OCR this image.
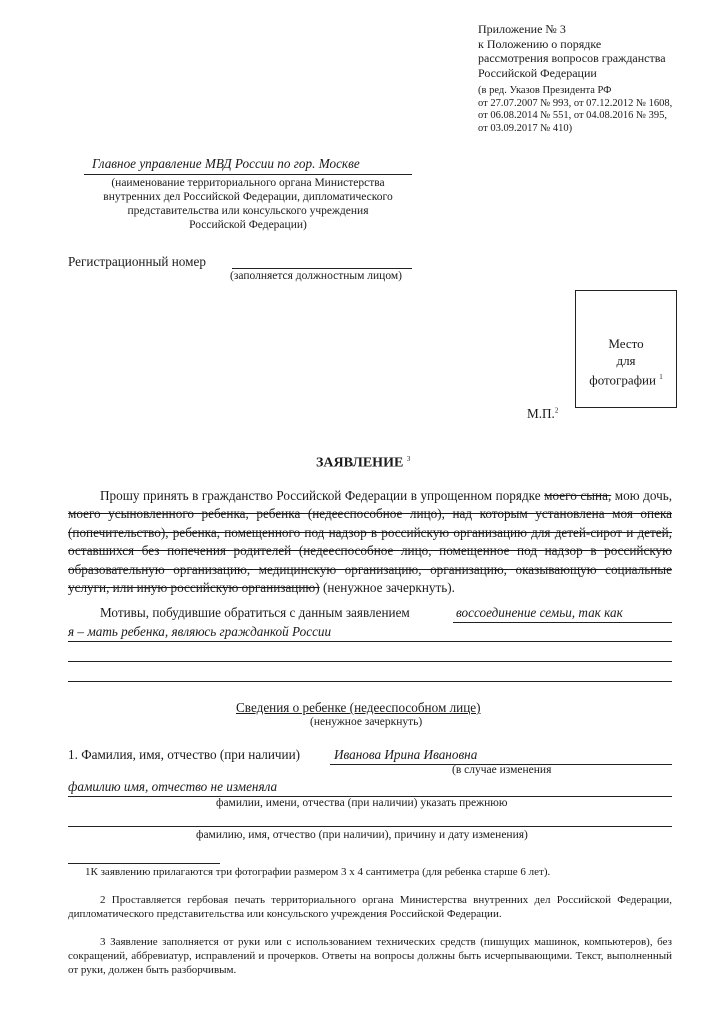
Приложение № 3
к Положению о порядке
рассмотрения вопросов гражданства
Российской Федерации
(в ред. Указов Президента РФ
от 27.07.2007 № 993, от 07.12.2012 № 1608,
от 06.08.2014 № 551, от 04.08.2016 № 395,
от 03.09.2017 № 410)
Главное управление МВД России по гор. Москве
(наименование территориального органа Министерства
внутренних дел Российской Федерации, дипломатического
представительства или консульского учреждения
Российской Федерации)
Регистрационный номер
(заполняется должностным лицом)
Место
для
фотографии $^1$
М.П.$^2$
ЗАЯВЛЕНИЕ $^3$
Прошу принять в гражданство Российской Федерации в упрощенном порядке моего сына, мою дочь, моего усыновленного ребенка, ребенка (недееспособное лицо), над которым установлена моя опека (попечительство), ребенка, помещенного под надзор в российскую организацию для детей-сирот и детей, оставшихся без попечения родителей (недееспособное лицо, помещенное под надзор в российскую образовательную организацию, медицинскую организацию, организацию, оказывающую социальные услуги, или иную российскую организацию) (ненужное зачеркнуть).
Мотивы, побудившие обратиться с данным заявлением	воссоединение семьи, так как
я – мать ребенка, являюсь гражданкой России
Сведения о ребенке (недееспособном лице)
(ненужное зачеркнуть)
1. Фамилия, имя, отчество (при наличии)	Иванова Ирина Ивановна
(в случае изменения
фамилию имя, отчество не изменяла
фамилии, имени, отчества (при наличии) указать прежнюю
фамилию, имя, отчество (при наличии), причину и дату изменения)
1К заявлению прилагаются три фотографии размером 3 х 4 сантиметра (для ребенка старше 6 лет).
2 Проставляется гербовая печать территориального органа Министерства внутренних дел Российской Федерации, дипломатического представительства или консульского учреждения Российской Федерации.
3 Заявление заполняется от руки или с использованием технических средств (пишущих машинок, компьютеров), без сокращений, аббревиатур, исправлений и прочерков. Ответы на вопросы должны быть исчерпывающими. Текст, выполненный от руки, должен быть разборчивым.
